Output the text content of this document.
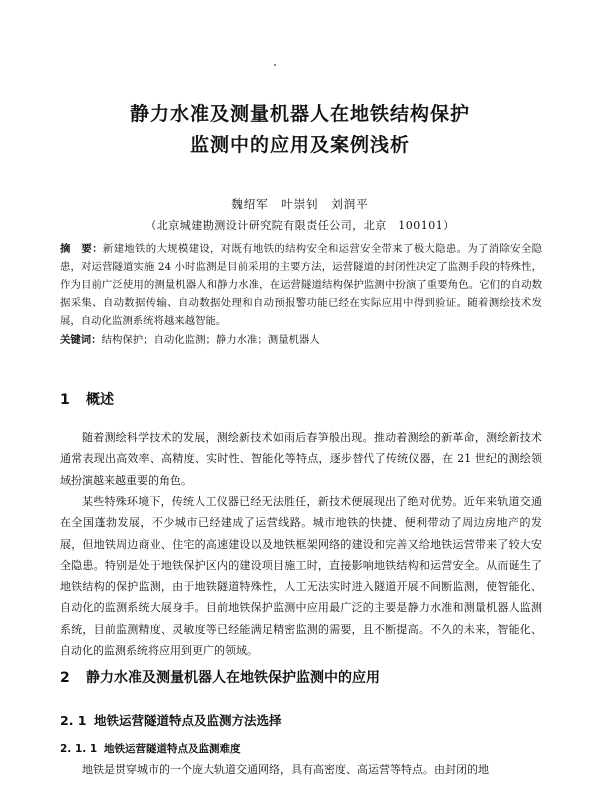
静力水准及测量机器人在地铁结构保护
监测中的应用及案例浅析
魏绍军　叶崇钊　刘润平
（北京城建勘测设计研究院有限责任公司，北京　100101）
摘　要：新建地铁的大规模建设，对既有地铁的结构安全和运营安全带来了极大隐患。为了消除安全隐患，对运营隧道实施 24 小时监测是目前采用的主要方法，运营隧道的封闭性决定了监测手段的特殊性，作为目前广泛使用的测量机器人和静力水准，在运营隧道结构保护监测中扮演了重要角色。它们的自动数据采集、自动数据传输、自动数据处理和自动预报警功能已经在实际应用中得到验证。随着测绘技术发展，自动化监测系统将越来越智能。
关键词：结构保护；自动化监测；静力水准；测量机器人
1 概述

随着测绘科学技术的发展，测绘新技术如雨后春笋般出现。推动着测绘的新革命，测绘新技术通常表现出高效率、高精度、实时性、智能化等特点，逐步替代了传统仪器，在 21 世纪的测绘领域扮演越来越重要的角色。

某些特殊环境下，传统人工仪器已经无法胜任，新技术便展现出了绝对优势。近年来轨道交通在全国蓬勃发展，不少城市已经建成了运营线路。城市地铁的快捷、便利带动了周边房地产的发展，但地铁周边商业、住宅的高速建设以及地铁框架网络的建设和完善又给地铁运营带来了较大安全隐患。特别是处于地铁保护区内的建设项目施工时，直接影响地铁结构和运营安全。从而诞生了地铁结构的保护监测，由于地铁隧道特殊性，人工无法实时进入隧道开展不间断监测，使智能化、自动化的监测系统大展身手。目前地铁保护监测中应用最广泛的主要是静力水准和测量机器人监测系统，目前监测精度、灵敏度等已经能满足精密监测的需要，且不断提高。不久的未来，智能化、自动化的监测系统将应用到更广的领域。

2 静力水准及测量机器人在地铁保护监测中的应用
2. 1 地铁运营隧道特点及监测方法选择
2. 1. 1 地铁运营隧道特点及监测难度

地铁是贯穿城市的一个庞大轨道交通网络，具有高密度、高运营等特点。由封闭的地
